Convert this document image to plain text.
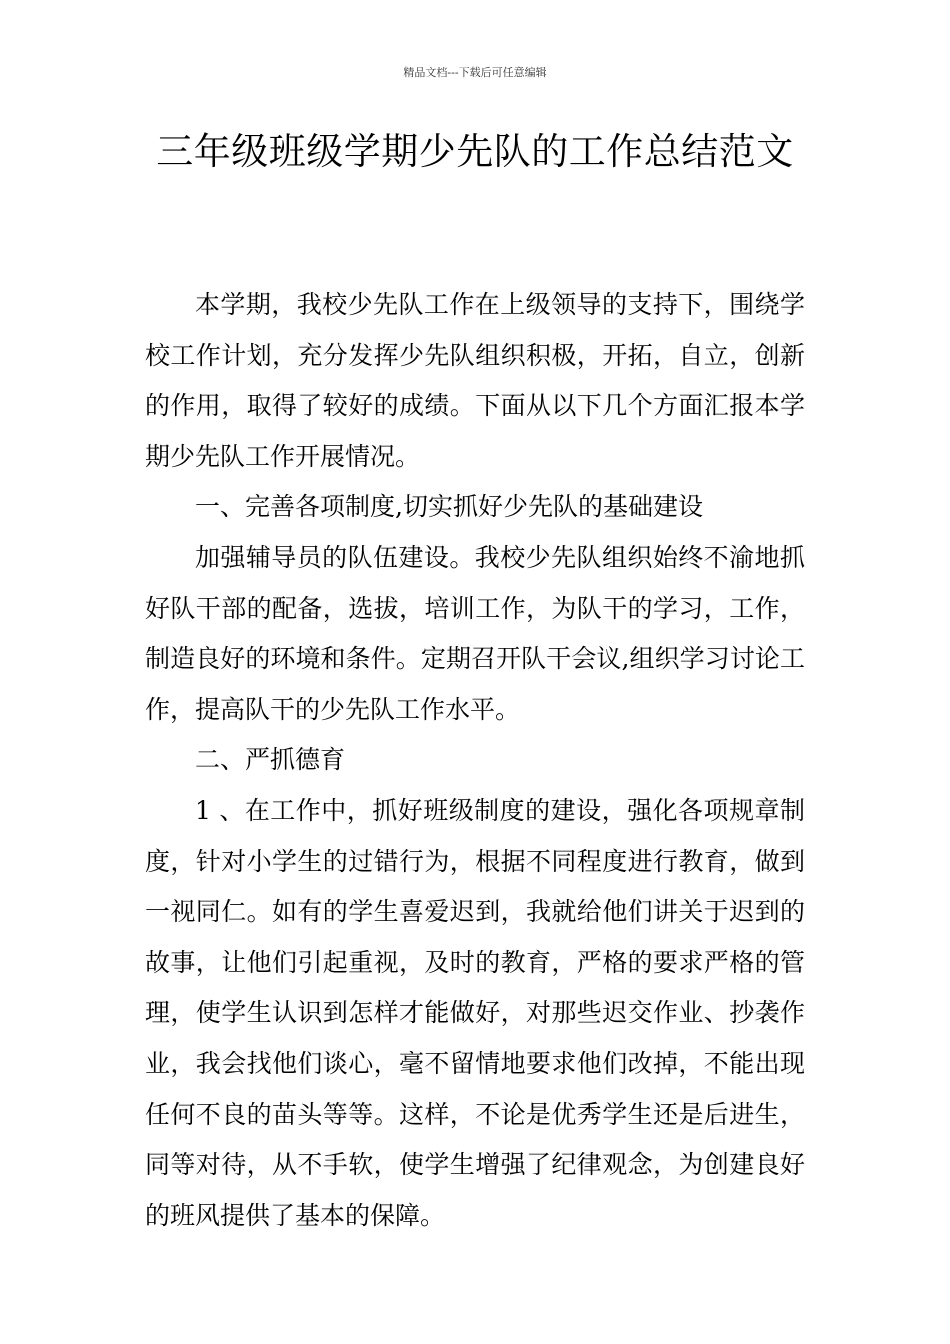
精品文档---下载后可任意编辑
三年级班级学期少先队的工作总结范文

本学期，我校少先队工作在上级领导的支持下，围绕学校工作计划，充分发挥少先队组织积极，开拓，自立，创新的作用，取得了较好的成绩。下面从以下几个方面汇报本学期少先队工作开展情况。

一、完善各项制度,切实抓好少先队的基础建设

加强辅导员的队伍建设。我校少先队组织始终不渝地抓好队干部的配备，选拔，培训工作，为队干的学习，工作，制造良好的环境和条件。定期召开队干会议,组织学习讨论工作，提高队干的少先队工作水平。

二、严抓德育

1 、在工作中，抓好班级制度的建设，强化各项规章制度，针对小学生的过错行为，根据不同程度进行教育，做到一视同仁。如有的学生喜爱迟到，我就给他们讲关于迟到的故事，让他们引起重视，及时的教育，严格的要求严格的管理，使学生认识到怎样才能做好，对那些迟交作业、抄袭作业，我会找他们谈心，毫不留情地要求他们改掉，不能出现任何不良的苗头等等。这样，不论是优秀学生还是后进生，同等对待，从不手软，使学生增强了纪律观念，为创建良好的班风提供了基本的保障。
